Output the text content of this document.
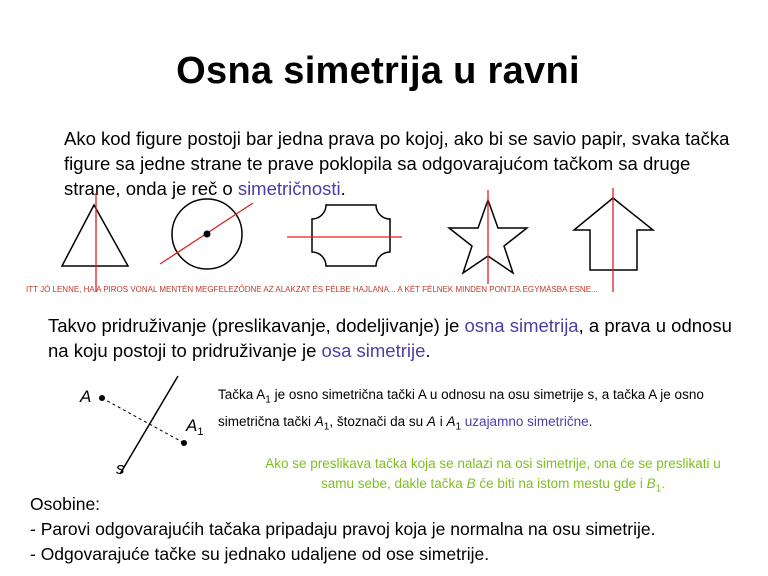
Osna simetrija u ravni
Ako kod figure postoji bar jedna prava po kojoj, ako bi se savio papir, svaka tačka figure sa jedne strane te prave poklopila sa odgovarajućom tačkom sa druge strane, onda je reč o simetričnosti.
ITT JÓ LENNE, HA A PIROS VONAL MENTÉN MEGFELEZŐDNE AZ ALAKZAT ÉS FÉLBE HAJLANA... A KÉT FÉLNEK MINDEN PONTJA EGYMÁSBA ESNE...
Takvo pridruživanje (preslikavanje, dodeljivanje) je osna simetrija, a prava u odnosu na koju postoji to pridruživanje je osa simetrije.
A
$A_1$
s
Tačka $A_1$ je osno simetrična tački A u odnosu na osu simetrije s, a tačka A je osno simetrična tački $A_1$, štoznači da su A i $A_1$ uzajamno simetrične.
Ako se preslikava tačka koja se nalazi na osi simetrije, ona će se preslikati u samu sebe, dakle tačka B će biti na istom mestu gde i $B_1$.
Osobine:
- Parovi odgovarajućih tačaka pripadaju pravoj koja je normalna na osu simetrije.
- Odgovarajuće tačke su jednako udaljene od ose simetrije.
